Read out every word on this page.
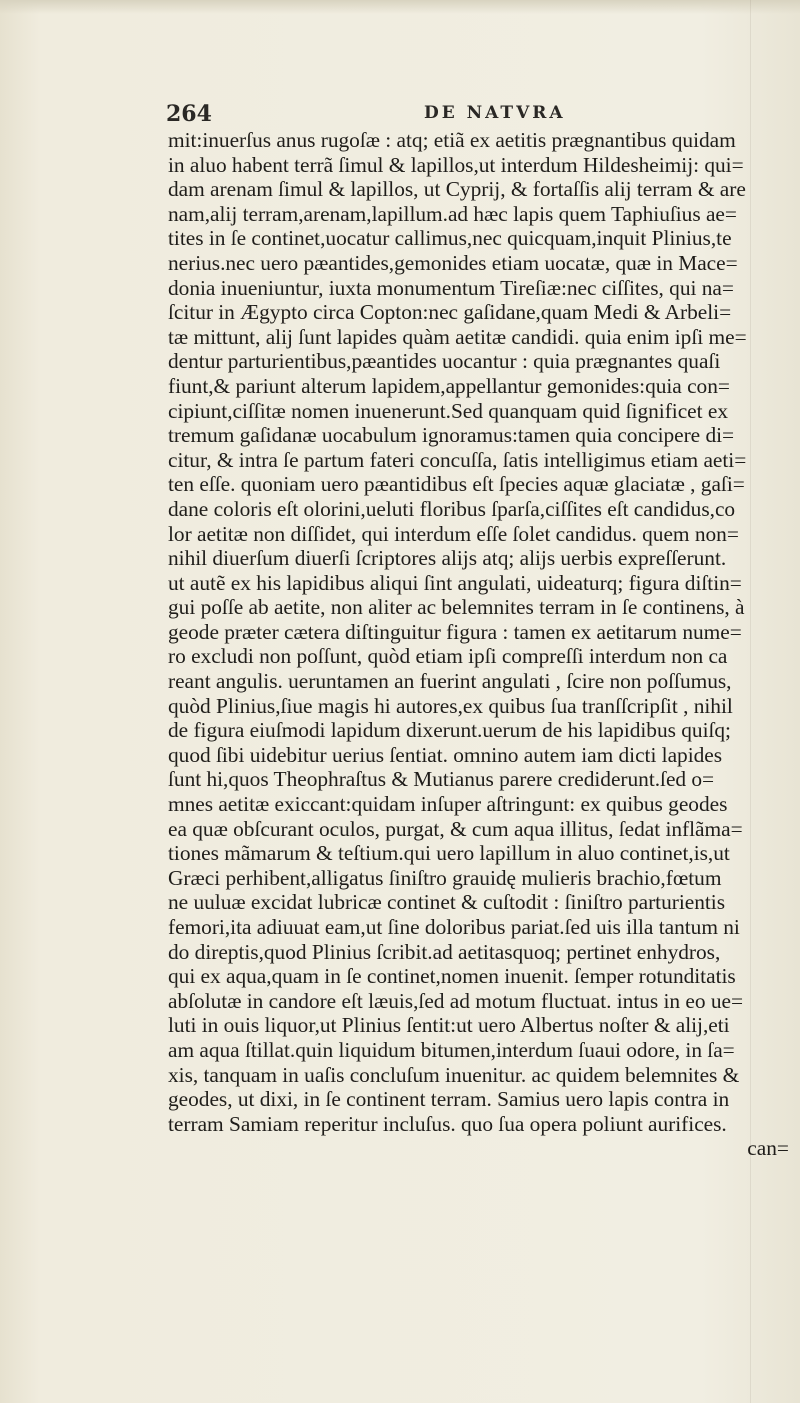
264	DE NATVRA
mit:inuerſus anus rugoſæ : atq; etiã ex aetitis prægnantibus quidam
in aluo habent terrã ſimul & lapillos,ut interdum Hildesheimij: qui=
dam arenam ſimul & lapillos, ut Cyprij, & fortaſſis alij terram & are
nam,alij terram,arenam,lapillum.ad hæc lapis quem Taphiuſius ae=
tites in ſe continet,uocatur callimus,nec quicquam,inquit Plinius,te
nerius.nec uero pæantides,gemonides etiam uocatæ, quæ in Mace=
donia inueniuntur, iuxta monumentum Tireſiæ:nec ciſſites, qui na=
ſcitur in Ægypto circa Copton:nec gaſidane,quam Medi & Arbeli=
tæ mittunt, alij ſunt lapides quàm aetitæ candidi. quia enim ipſi me=
dentur parturientibus,pæantides uocantur : quia prægnantes quaſi
fiunt,& pariunt alterum lapidem,appellantur gemonides:quia con=
cipiunt,ciſſitæ nomen inuenerunt.Sed quanquam quid ſignificet ex
tremum gaſidanæ uocabulum ignoramus:tamen quia concipere di=
citur, & intra ſe partum fateri concuſſa, ſatis intelligimus etiam aeti=
ten eſſe. quoniam uero pæantidibus eſt ſpecies aquæ glaciatæ , gaſi=
dane coloris eſt olorini,ueluti floribus ſparſa,ciſſites eſt candidus,co
lor aetitæ non diſſidet, qui interdum eſſe ſolet candidus. quem non=
nihil diuerſum diuerſi ſcriptores alijs atq; alijs uerbis expreſſerunt.
ut autẽ ex his lapidibus aliqui ſint angulati, uideaturq; figura diſtin=
gui poſſe ab aetite, non aliter ac belemnites terram in ſe continens, à
geode præter cætera diſtinguitur figura : tamen ex aetitarum nume=
ro excludi non poſſunt, quòd etiam ipſi compreſſi interdum non ca
reant angulis. ueruntamen an fuerint angulati , ſcire non poſſumus,
quòd Plinius,ſiue magis hi autores,ex quibus ſua tranſſcripſit , nihil
de figura eiuſmodi lapidum dixerunt.uerum de his lapidibus quiſq;
quod ſibi uidebitur uerius ſentiat. omnino autem iam dicti lapides
ſunt hi,quos Theophraſtus & Mutianus parere crediderunt.ſed o=
mnes aetitæ exiccant:quidam inſuper aſtringunt: ex quibus geodes
ea quæ obſcurant oculos, purgat, & cum aqua illitus, ſedat inflãma=
tiones mãmarum & teſtium.qui uero lapillum in aluo continet,is,ut
Græci perhibent,alligatus ſiniſtro grauidę mulieris brachio,fœtum
ne uuluæ excidat lubricæ continet & cuſtodit : ſiniſtro parturientis
femori,ita adiuuat eam,ut ſine doloribus pariat.ſed uis illa tantum ni
do direptis,quod Plinius ſcribit.ad aetitasquoq; pertinet enhydros,
qui ex aqua,quam in ſe continet,nomen inuenit. ſemper rotunditatis
abſolutæ in candore eſt læuis,ſed ad motum fluctuat. intus in eo ue=
luti in ouis liquor,ut Plinius ſentit:ut uero Albertus noſter & alij,eti
am aqua ſtillat.quin liquidum bitumen,interdum ſuaui odore, in ſa=
xis, tanquam in uaſis concluſum inuenitur. ac quidem belemnites &
geodes, ut dixi, in ſe continent terram. Samius uero lapis contra in
terram Samiam reperitur incluſus. quo ſua opera poliunt aurifices.
can=
